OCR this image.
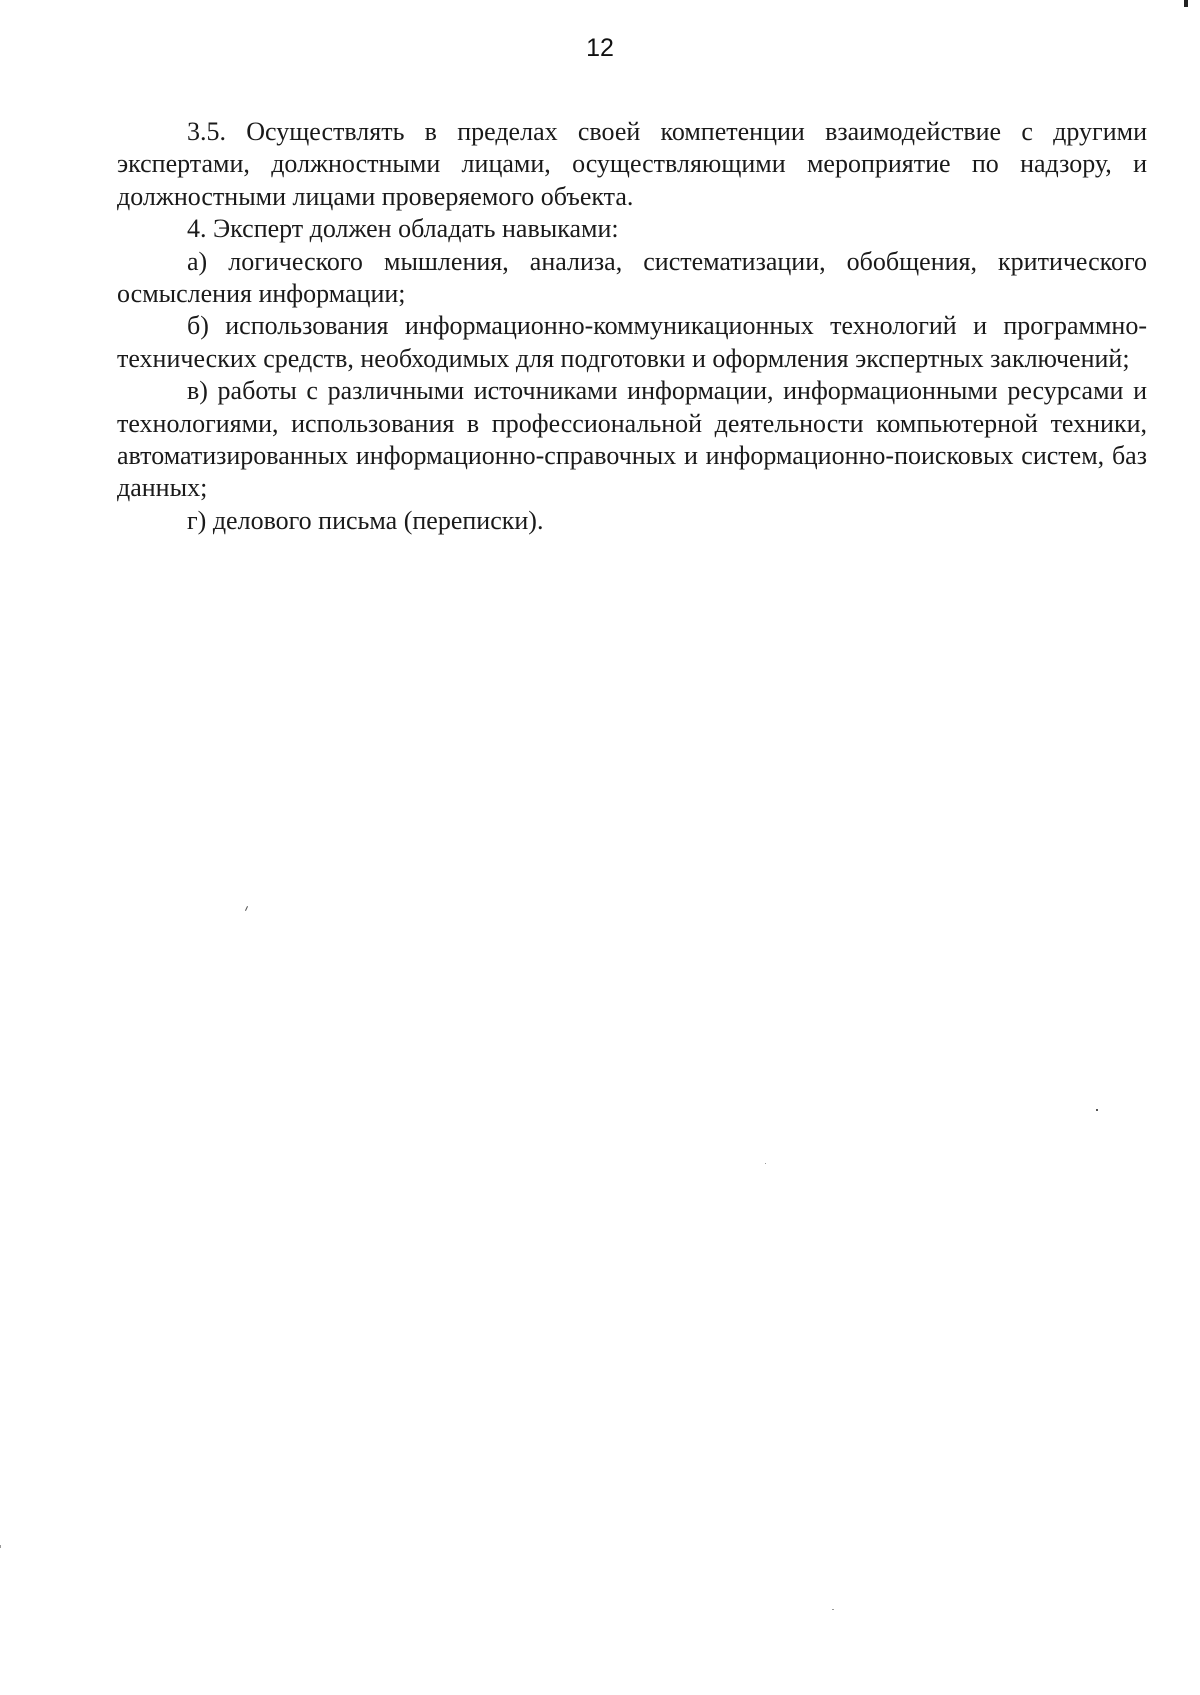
12

3.5. Осуществлять в пределах своей компетенции взаимодействие с другими экспертами, должностными лицами, осуществляющими мероприятие по надзору, и должностными лицами проверяемого объекта.

4. Эксперт должен обладать навыками:

а) логического мышления, анализа, систематизации, обобщения, критического осмысления информации;

б) использования информационно-коммуникационных технологий и программно-технических средств, необходимых для подготовки и оформления экспертных заключений;

в) работы с различными источниками информации, информационными ресурсами и технологиями, использования в профессиональной деятельности компьютерной техники, автоматизированных информационно-справочных и информационно-поисковых систем, баз данных;

г) делового письма (переписки).
